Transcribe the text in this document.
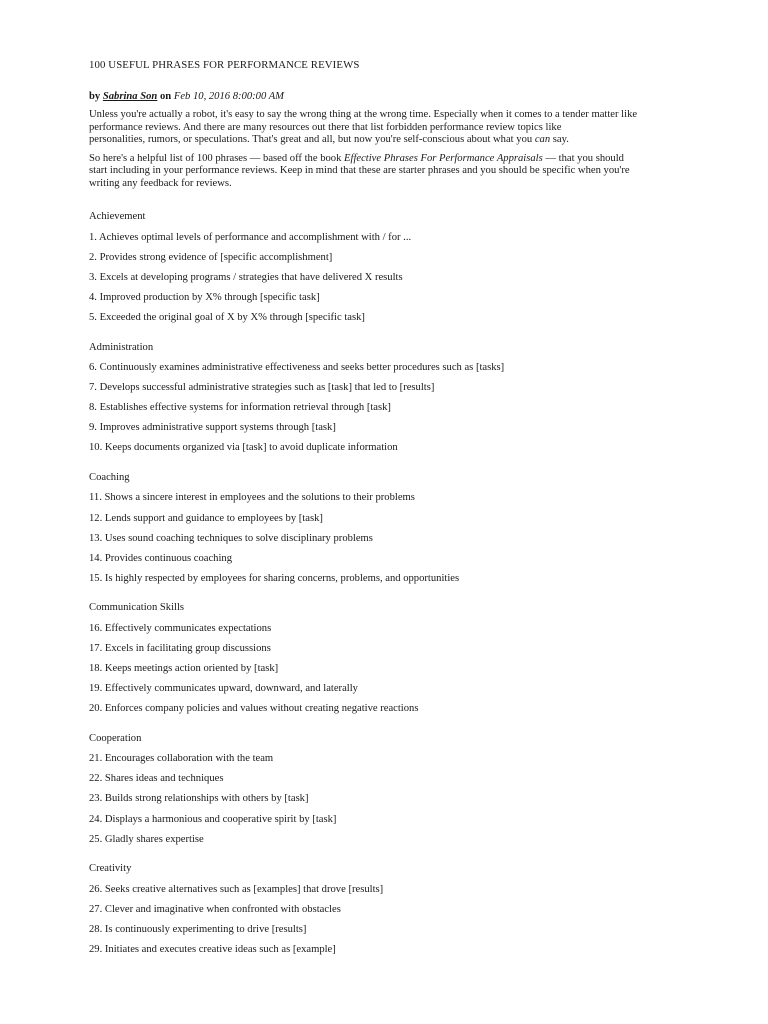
100 USEFUL PHRASES FOR PERFORMANCE REVIEWS
by Sabrina Son on Feb 10, 2016 8:00:00 AM
Unless you're actually a robot, it's easy to say the wrong thing at the wrong time. Especially when it comes to a tender matter like
performance reviews. And there are many resources out there that list forbidden performance review topics like
personalities, rumors, or speculations. That's great and all, but now you're self-conscious about what you can say.
So here's a helpful list of 100 phrases — based off the book Effective Phrases For Performance Appraisals — that you should
start including in your performance reviews. Keep in mind that these are starter phrases and you should be specific when you're
writing any feedback for reviews.
Achievement
1. Achieves optimal levels of performance and accomplishment with / for ...
2. Provides strong evidence of [specific accomplishment]
3. Excels at developing programs / strategies that have delivered X results
4. Improved production by X% through [specific task]
5. Exceeded the original goal of X by X% through [specific task]
Administration
6. Continuously examines administrative effectiveness and seeks better procedures such as [tasks]
7. Develops successful administrative strategies such as [task] that led to [results]
8. Establishes effective systems for information retrieval through [task]
9. Improves administrative support systems through [task]
10. Keeps documents organized via [task] to avoid duplicate information
Coaching
11. Shows a sincere interest in employees and the solutions to their problems
12. Lends support and guidance to employees by [task]
13. Uses sound coaching techniques to solve disciplinary problems
14. Provides continuous coaching
15. Is highly respected by employees for sharing concerns, problems, and opportunities
Communication Skills
16. Effectively communicates expectations
17. Excels in facilitating group discussions
18. Keeps meetings action oriented by [task]
19. Effectively communicates upward, downward, and laterally
20. Enforces company policies and values without creating negative reactions
Cooperation
21. Encourages collaboration with the team
22. Shares ideas and techniques
23. Builds strong relationships with others by [task]
24. Displays a harmonious and cooperative spirit by [task]
25. Gladly shares expertise
Creativity
26. Seeks creative alternatives such as [examples] that drove [results]
27. Clever and imaginative when confronted with obstacles
28. Is continuously experimenting to drive [results]
29. Initiates and executes creative ideas such as [example]
